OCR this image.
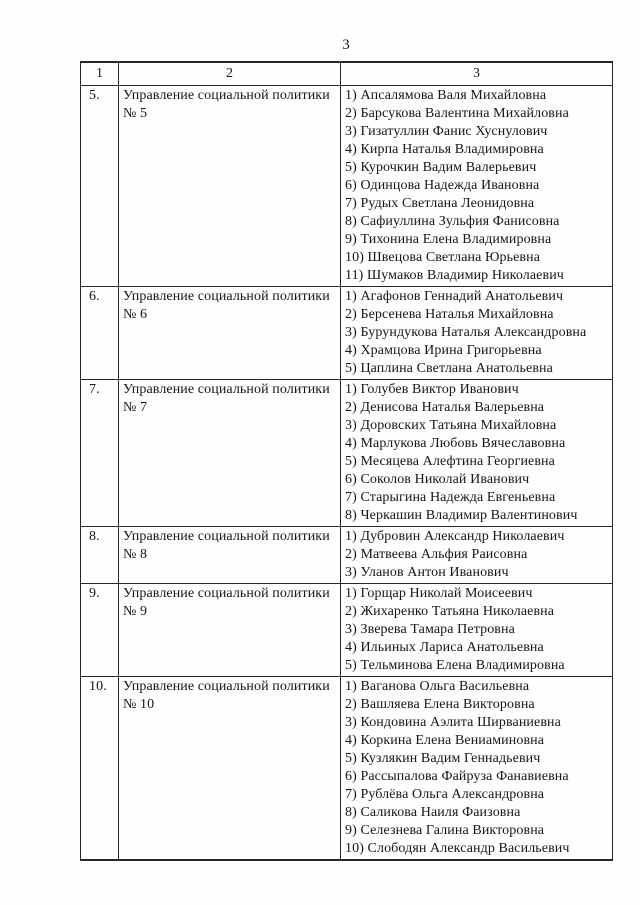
3
1	2	3
5.	Управление социальной политики
№ 5

1) Апсалямова Валя Михайловна
2) Барсукова Валентина Михайловна
3) Гизатуллин Фанис Хуснулович
4) Кирпа Наталья Владимировна
5) Курочкин Вадим Валерьевич
6) Одинцова Надежда Ивановна
7) Рудых Светлана Леонидовна
8) Сафиуллина Зульфия Фанисовна
9) Тихонина Елена Владимировна
10) Швецова Светлана Юрьевна
11) Шумаков Владимир Николаевич

6.	Управление социальной политики
№ 6

1) Агафонов Геннадий Анатольевич
2) Берсенева Наталья Михайловна
3) Бурундукова Наталья Александровна
4) Храмцова Ирина Григорьевна
5) Цаплина Светлана Анатольевна

7.	Управление социальной политики
№ 7

1) Голубев Виктор Иванович
2) Денисова Наталья Валерьевна
3) Доровских Татьяна Михайловна
4) Марлукова Любовь Вячеславовна
5) Месяцева Алефтина Георгиевна
6) Соколов Николай Иванович
7) Старыгина Надежда Евгеньевна
8) Черкашин Владимир Валентинович

8.	Управление социальной политики
№ 8

1) Дубровин Александр Николаевич
2) Матвеева Альфия Раисовна
3) Уланов Антон Иванович

9.	Управление социальной политики
№ 9

1) Горщар Николай Моисеевич
2) Жихаренко Татьяна Николаевна
3) Зверева Тамара Петровна
4) Ильиных Лариса Анатольевна
5) Тельминова Елена Владимировна

10.	Управление социальной политики
№ 10

1) Ваганова Ольга Васильевна
2) Вашляева Елена Викторовна
3) Кондовина Аэлита Ширваниевна
4) Коркина Елена Вениаминовна
5) Кузлякин Вадим Геннадьевич
6) Рассыпалова Файруза Фанавиевна
7) Рублёва Ольга Александровна
8) Саликова Наиля Фаизовна
9) Селезнева Галина Викторовна
10) Слободян Александр Васильевич
